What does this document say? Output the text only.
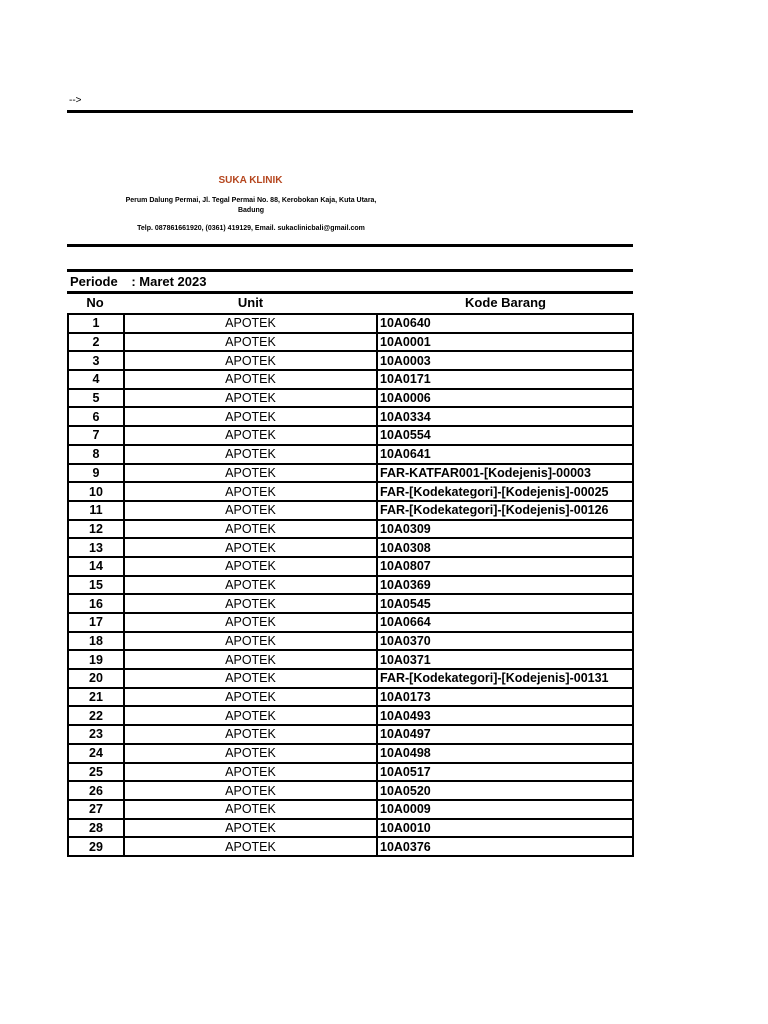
-->
SUKA KLINIK
Perum Dalung Permai, Jl. Tegal Permai No. 88, Kerobokan Kaja, Kuta Utara, Badung
Telp. 087861661920, (0361) 419129, Email. sukaclinicbali@gmail.com
Periode : Maret 2023
No	Unit	Kode Barang
1	APOTEK	10A0640
2	APOTEK	10A0001
3	APOTEK	10A0003
4	APOTEK	10A0171
5	APOTEK	10A0006
6	APOTEK	10A0334
7	APOTEK	10A0554
8	APOTEK	10A0641
9	APOTEK	FAR-KATFAR001-[Kodejenis]-00003
10	APOTEK	FAR-[Kodekategori]-[Kodejenis]-00025
11	APOTEK	FAR-[Kodekategori]-[Kodejenis]-00126
12	APOTEK	10A0309
13	APOTEK	10A0308
14	APOTEK	10A0807
15	APOTEK	10A0369
16	APOTEK	10A0545
17	APOTEK	10A0664
18	APOTEK	10A0370
19	APOTEK	10A0371
20	APOTEK	FAR-[Kodekategori]-[Kodejenis]-00131
21	APOTEK	10A0173
22	APOTEK	10A0493
23	APOTEK	10A0497
24	APOTEK	10A0498
25	APOTEK	10A0517
26	APOTEK	10A0520
27	APOTEK	10A0009
28	APOTEK	10A0010
29	APOTEK	10A0376
